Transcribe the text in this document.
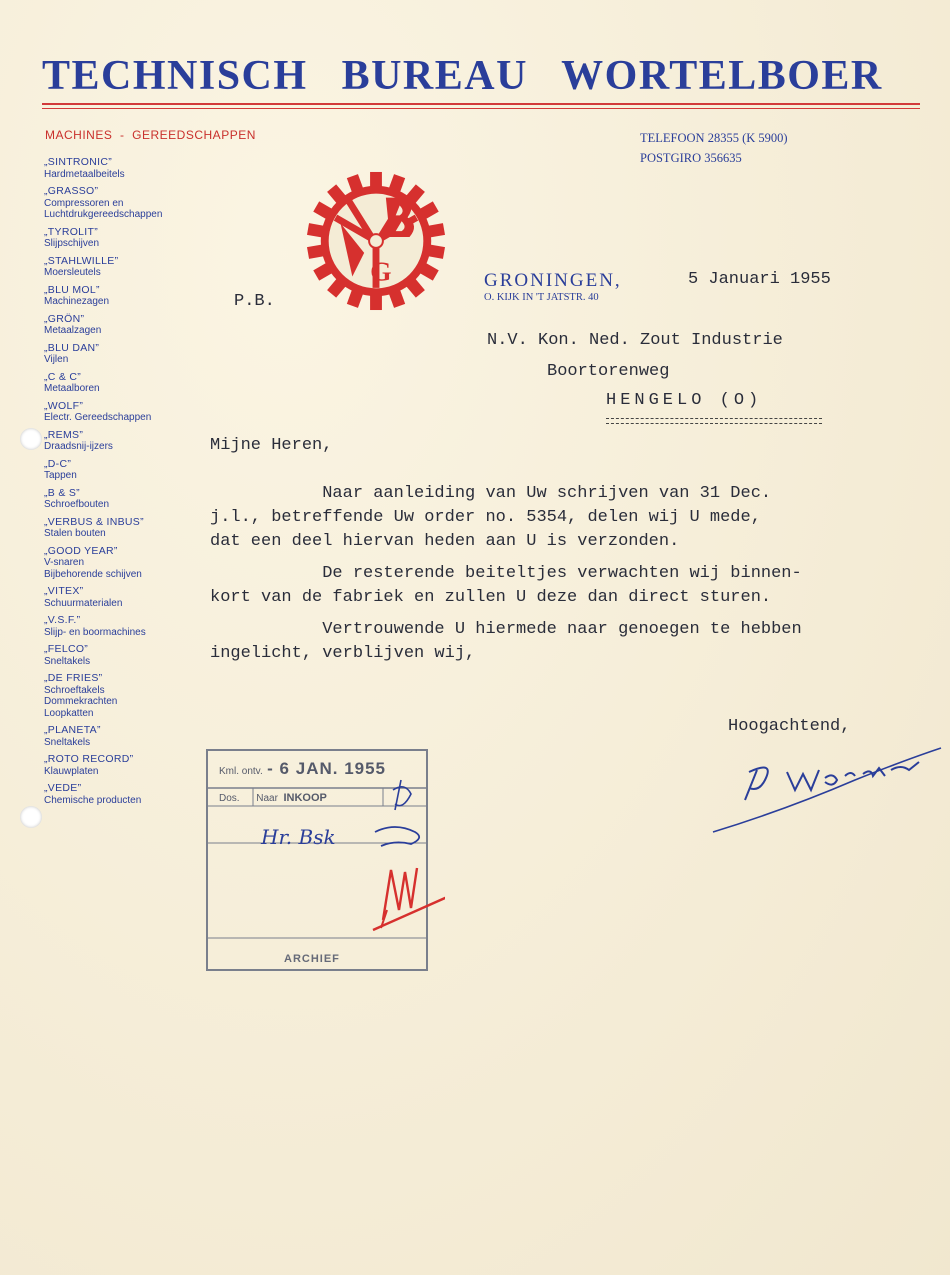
TECHNISCH BUREAU WORTELBOER
MACHINES  -  GEREEDSCHAPPEN	TELEFOON 28355 (K 5900)
POSTGIRO 356635
„SINTRONIC”
Hardmetaalbeitels
„GRASSO”
Compressoren en
Luchtdrukgereedschappen
„TYROLIT”
Slijpschijven
„STAHLWILLE”
Moersleutels
„BLU MOL”
Machinezagen
„GRÖN”
Metaalzagen
„BLU DAN”
Vijlen
„C & C”
Metaalboren
„WOLF”
Electr. Gereedschappen
„REMS”
Draadsnij-ijzers
„D-C”
Tappen
„B & S”
Schroefbouten
„VERBUS & INBUS”
Stalen bouten
„GOOD YEAR”
V-snaren
Bijbehorende schijven
„VITEX”
Schuurmaterialen
„V.S.F.”
Slijp- en boormachines
„FELCO”
Sneltakels
„DE FRIES”
Schroeftakels
Dommekrachten
Loopkatten
„PLANETA”
Sneltakels
„ROTO RECORD”
Klauwplaten
„VEDE”
Chemische producten
G	GRONINGEN,
O. KIJK IN 'T JATSTR. 40
5 Januari 1955
P.B.
N.V. Kon. Ned. Zout Industrie
Boortorenweg
HENGELO (O)
Mijne Heren,

Naar aanleiding van Uw schrijven van 31 Dec.
j.l., betreffende Uw order no. 5354, delen wij U mede,
dat een deel hiervan heden aan U is verzonden.

De resterende beiteltjes verwachten wij binnen-
kort van de fabriek en zullen U deze dan direct sturen.

Vertrouwende U hiermede naar genoegen te hebben
ingelicht, verblijven wij,

Hoogachtend,
Kml. ontv. - 6 JAN. 1955
Dos. Naar INKOOP
ARCHIEF
Hr. Bsk
